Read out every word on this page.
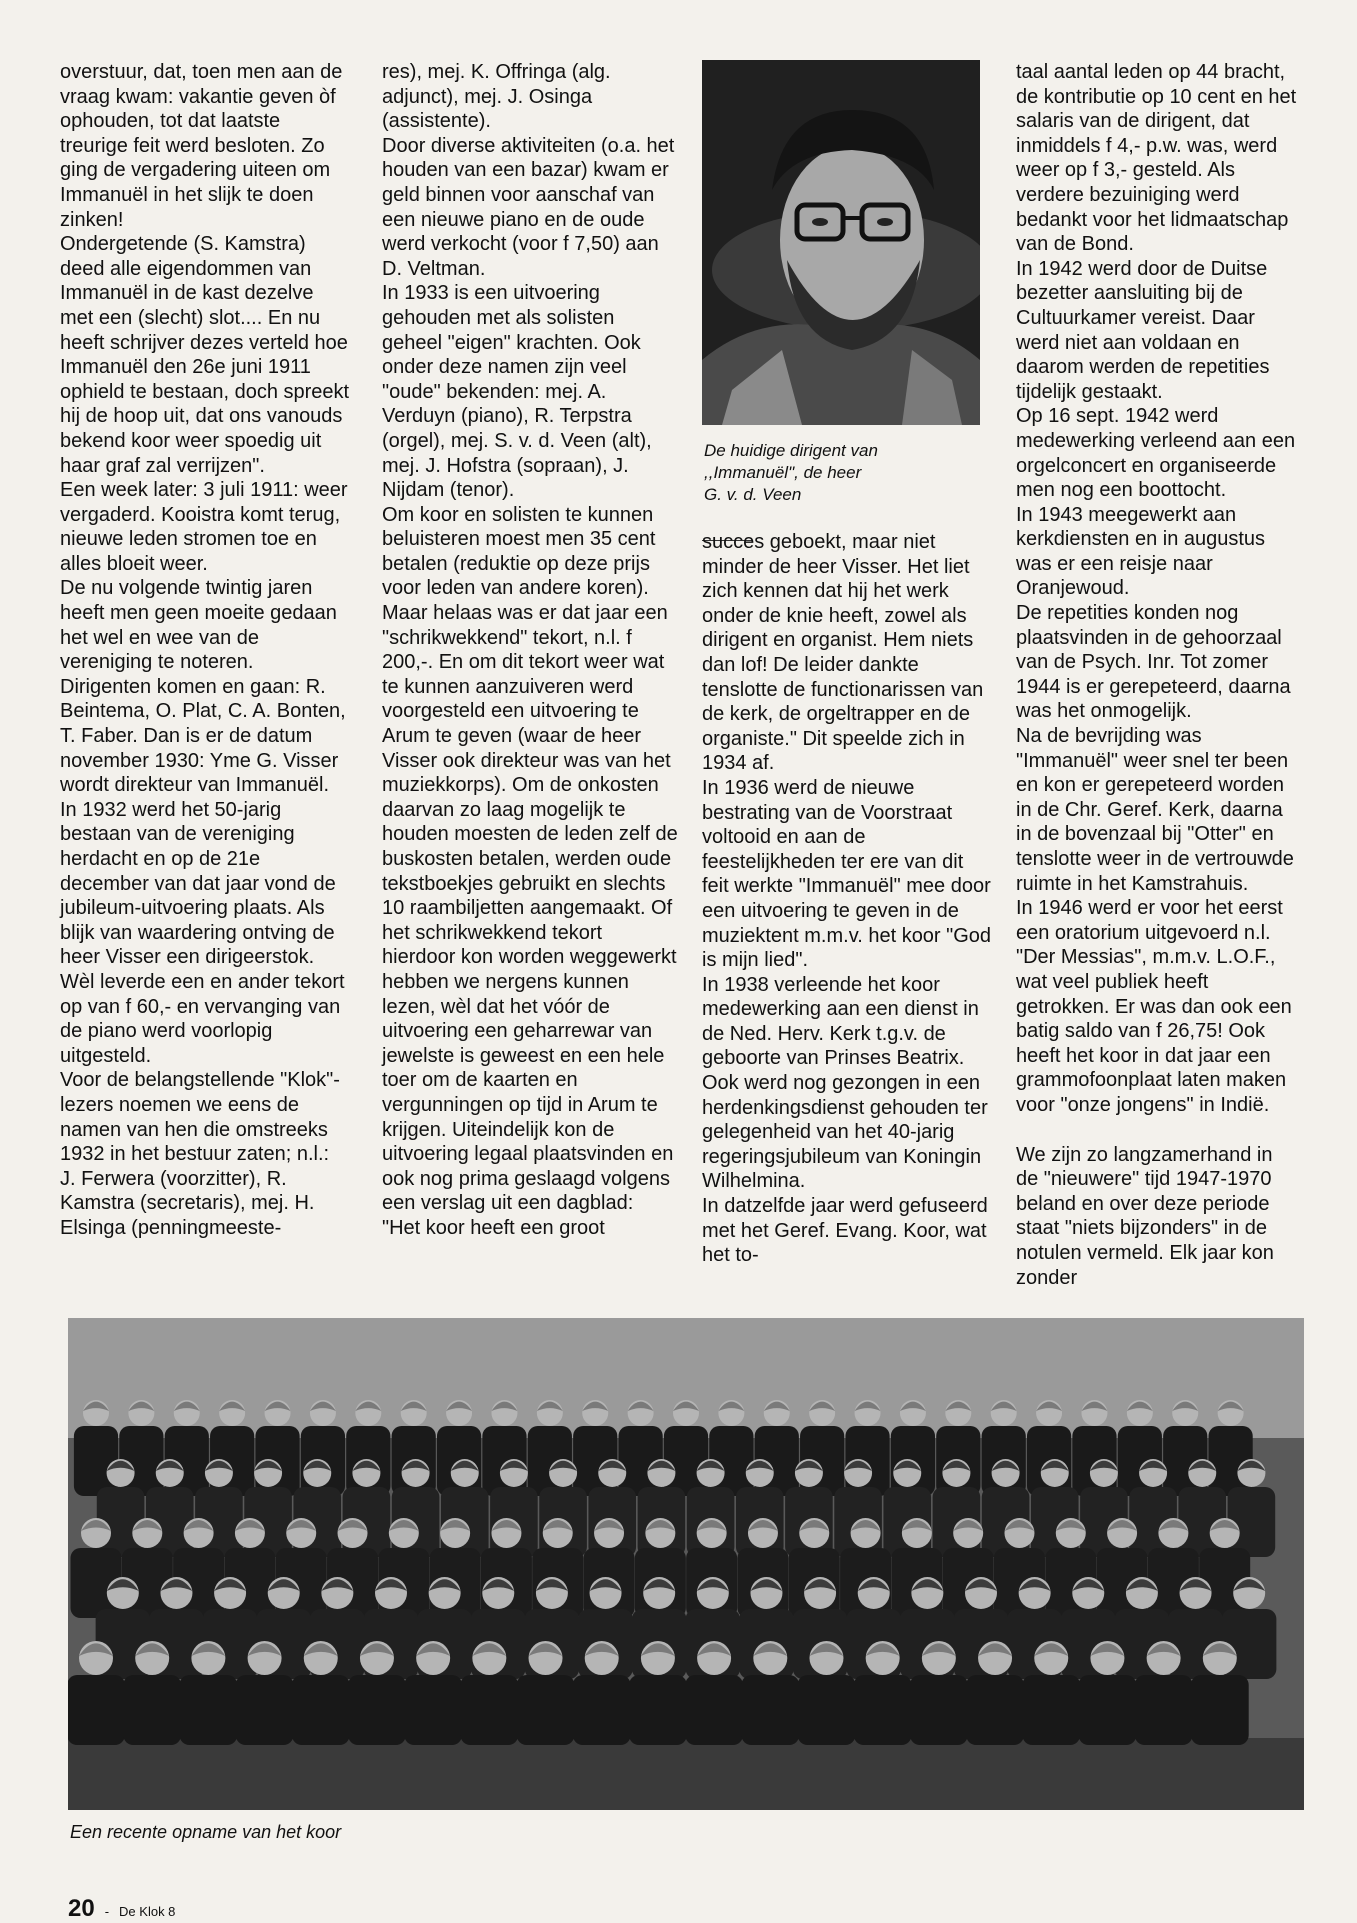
overstuur, dat, toen men aan de vraag kwam: vakantie geven òf ophouden, tot dat laatste treurige feit werd besloten. Zo ging de vergadering uiteen om Immanuël in het slijk te doen zinken!

Ondergetende (S. Kamstra) deed alle eigendommen van Immanuël in de kast dezelve met een (slecht) slot.... En nu heeft schrijver dezes verteld hoe Immanuël den 26e juni 1911 ophield te bestaan, doch spreekt hij de hoop uit, dat ons vanouds bekend koor weer spoedig uit haar graf zal verrijzen".

Een week later: 3 juli 1911: weer vergaderd. Kooistra komt terug, nieuwe leden stromen toe en alles bloeit weer.

De nu volgende twintig jaren heeft men geen moeite gedaan het wel en wee van de vereniging te noteren. Dirigenten komen en gaan: R. Beintema, O. Plat, C. A. Bonten, T. Faber. Dan is er de datum november 1930: Yme G. Visser wordt direkteur van Immanuël.

In 1932 werd het 50-jarig bestaan van de vereniging herdacht en op de 21e december van dat jaar vond de jubileum-uitvoering plaats. Als blijk van waardering ontving de heer Visser een dirigeerstok. Wèl leverde een en ander tekort op van f 60,- en vervanging van de piano werd voorlopig uitgesteld.

Voor de belangstellende "Klok"-lezers noemen we eens de namen van hen die omstreeks 1932 in het bestuur zaten; n.l.: J. Ferwera (voorzitter), R. Kamstra (secretaris), mej. H. Elsinga (penningmeeste-

res), mej. K. Offringa (alg. adjunct), mej. J. Osinga (assistente).

Door diverse aktiviteiten (o.a. het houden van een bazar) kwam er geld binnen voor aanschaf van een nieuwe piano en de oude werd verkocht (voor f 7,50) aan D. Veltman.

In 1933 is een uitvoering gehouden met als solisten geheel "eigen" krachten. Ook onder deze namen zijn veel "oude" bekenden: mej. A. Verduyn (piano), R. Terpstra (orgel), mej. S. v. d. Veen (alt), mej. J. Hofstra (sopraan), J. Nijdam (tenor).

Om koor en solisten te kunnen beluisteren moest men 35 cent betalen (reduktie op deze prijs voor leden van andere koren). Maar helaas was er dat jaar een "schrikwekkend" tekort, n.l. f 200,-. En om dit tekort weer wat te kunnen aanzuiveren werd voorgesteld een uitvoering te Arum te geven (waar de heer Visser ook direkteur was van het muziekkorps). Om de onkosten daarvan zo laag mogelijk te houden moesten de leden zelf de buskosten betalen, werden oude tekstboekjes gebruikt en slechts 10 raambiljetten aangemaakt. Of het schrikwekkend tekort hierdoor kon worden weggewerkt hebben we nergens kunnen lezen, wèl dat het vóór de uitvoering een geharrewar van jewelste is geweest en een hele toer om de kaarten en vergunningen op tijd in Arum te krijgen. Uiteindelijk kon de uitvoering legaal plaatsvinden en ook nog prima geslaagd volgens een verslag uit een dagblad:

"Het koor heeft een groot

De huidige dirigent van

,,Immanuël", de heer

G. v. d. Veen

succes geboekt, maar niet minder de heer Visser. Het liet zich kennen dat hij het werk onder de knie heeft, zowel als dirigent en organist. Hem niets dan lof! De leider dankte tenslotte de functionarissen van de kerk, de orgeltrapper en de organiste." Dit speelde zich in 1934 af.

In 1936 werd de nieuwe bestrating van de Voorstraat voltooid en aan de feestelijkheden ter ere van dit feit werkte "Immanuël" mee door een uitvoering te geven in de muziektent m.m.v. het koor "God is mijn lied".

In 1938 verleende het koor medewerking aan een dienst in de Ned. Herv. Kerk t.g.v. de geboorte van Prinses Beatrix.

Ook werd nog gezongen in een herdenkingsdienst gehouden ter gelegenheid van het 40-jarig regeringsjubileum van Koningin Wilhelmina.

In datzelfde jaar werd gefuseerd met het Geref. Evang. Koor, wat het to-

taal aantal leden op 44 bracht, de kontributie op 10 cent en het salaris van de dirigent, dat inmiddels f 4,- p.w. was, werd weer op f 3,- gesteld. Als verdere bezuiniging werd bedankt voor het lidmaatschap van de Bond.

In 1942 werd door de Duitse bezetter aansluiting bij de Cultuurkamer vereist. Daar werd niet aan voldaan en daarom werden de repetities tijdelijk gestaakt.

Op 16 sept. 1942 werd medewerking verleend aan een orgelconcert en organiseerde men nog een boottocht.

In 1943 meegewerkt aan kerkdiensten en in augustus was er een reisje naar Oranjewoud.

De repetities konden nog plaatsvinden in de gehoorzaal van de Psych. Inr. Tot zomer 1944 is er gerepeteerd, daarna was het onmogelijk.

Na de bevrijding was "Immanuël" weer snel ter been en kon er gerepeteerd worden in de Chr. Geref. Kerk, daarna in de bovenzaal bij "Otter" en tenslotte weer in de vertrouwde ruimte in het Kamstrahuis.

In 1946 werd er voor het eerst een oratorium uitgevoerd n.l. "Der Messias", m.m.v. L.O.F., wat veel publiek heeft getrokken. Er was dan ook een batig saldo van f 26,75! Ook heeft het koor in dat jaar een grammofoonplaat laten maken voor "onze jongens" in Indië.

We zijn zo langzamerhand in de "nieuwere" tijd 1947-1970 beland en over deze periode staat "niets bijzonders" in de notulen vermeld. Elk jaar kon zonder

Een recente opname van het koor
20 - De Klok 8
